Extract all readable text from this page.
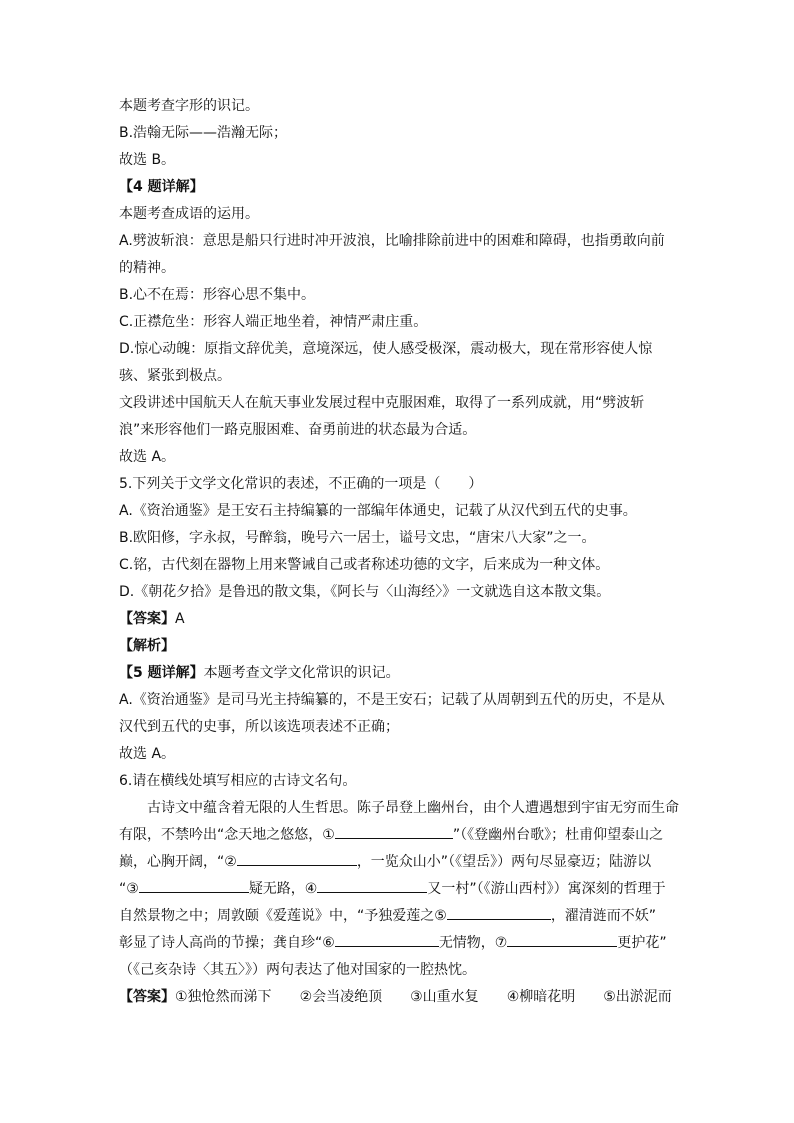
本题考查字形的识记。
B.浩翰无际——浩瀚无际；
故选 B。
【4 题详解】
本题考查成语的运用。
A.劈波斩浪：意思是船只行进时冲开波浪，比喻排除前进中的困难和障碍，也指勇敢向前
的精神。
B.心不在焉：形容心思不集中。
C.正襟危坐：形容人端正地坐着，神情严肃庄重。
D.惊心动魄：原指文辞优美，意境深远，使人感受极深，震动极大，现在常形容使人惊
骇、紧张到极点。
文段讲述中国航天人在航天事业发展过程中克服困难，取得了一系列成就，用“劈波斩
浪”来形容他们一路克服困难、奋勇前进的状态最为合适。
故选 A。
5.下列关于文学文化常识的表述，不正确的一项是（　　）
A.《资治通鉴》是王安石主持编纂的一部编年体通史，记载了从汉代到五代的史事。
B.欧阳修，字永叔，号醉翁，晚号六一居士，谥号文忠，“唐宋八大家”之一。
C.铭，古代刻在器物上用来警诫自己或者称述功德的文字，后来成为一种文体。
D.《朝花夕拾》是鲁迅的散文集，《阿长与〈山海经〉》一文就选自这本散文集。
【答案】A
【解析】
【5 题详解】本题考查文学文化常识的识记。
A.《资治通鉴》是司马光主持编纂的，不是王安石；记载了从周朝到五代的历史，不是从
汉代到五代的史事，所以该选项表述不正确；
故选 A。
6.请在横线处填写相应的古诗文名句。
古诗文中蕴含着无限的人生哲思。陈子昂登上幽州台，由个人遭遇想到宇宙无穷而生命
有限，不禁吟出“念天地之悠悠，①	”（《登幽州台歌》；杜甫仰望泰山之
巅，心胸开阔，“②	，一览众山小”（《望岳》）两句尽显豪迈；陆游以
“③	疑无路，④	又一村”（《游山西村》）寓深刻的哲理于
自然景物之中；周敦颐《爱莲说》中，“予独爱莲之⑤	，濯清涟而不妖”
彰显了诗人高尚的节操；龚自珍“⑥	无情物，⑦	更护花”
（《己亥杂诗〈其五〉》）两句表达了他对国家的一腔热忱。
【答案】①独怆然而涕下 ②会当凌绝顶 ③山重水复 ④柳暗花明 ⑤出淤泥而
